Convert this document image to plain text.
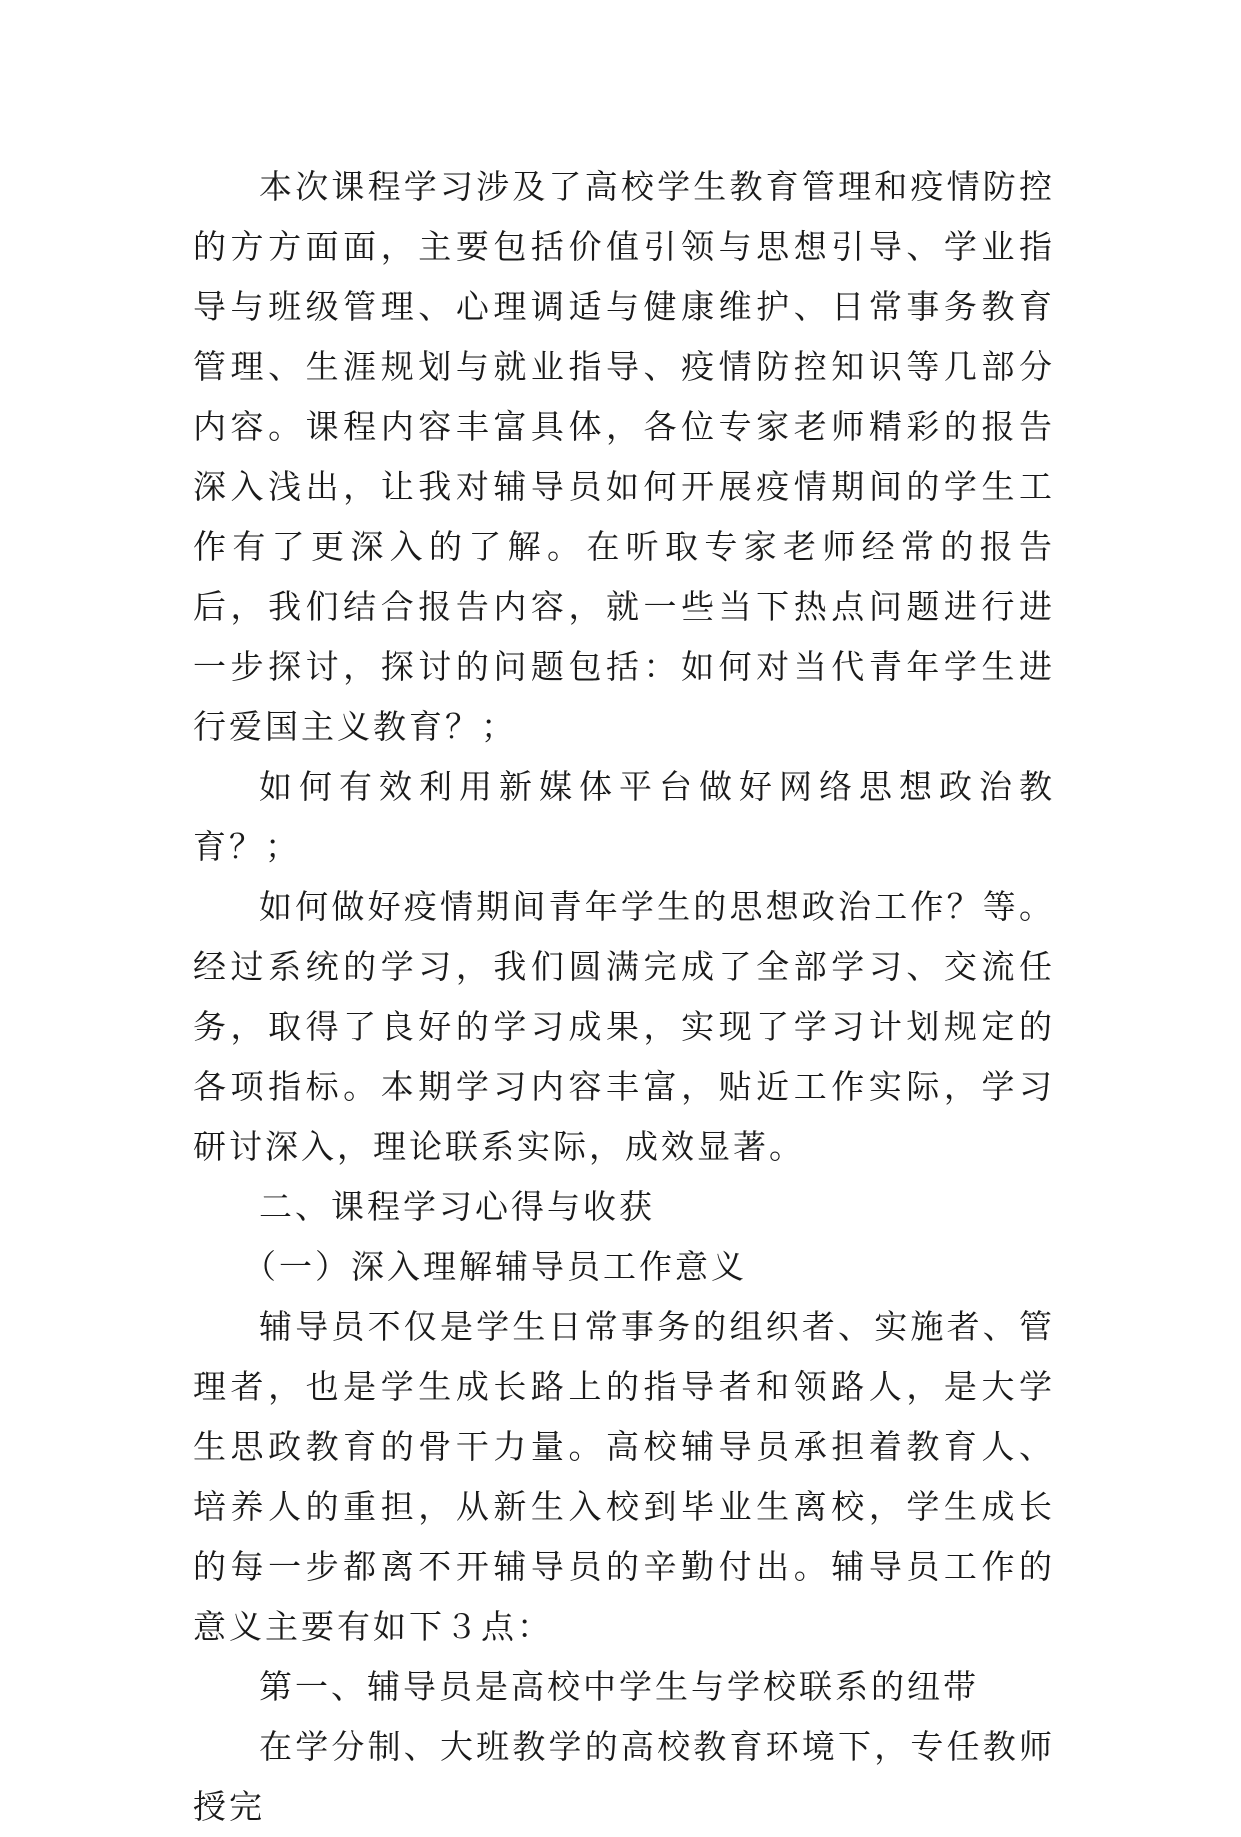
本次课程学习涉及了高校学生教育管理和疫情防控的方方面面，主要包括价值引领与思想引导、学业指导与班级管理、心理调适与健康维护、日常事务教育管理、生涯规划与就业指导、疫情防控知识等几部分内容。课程内容丰富具体，各位专家老师精彩的报告深入浅出，让我对辅导员如何开展疫情期间的学生工作有了更深入的了解。在听取专家老师经常的报告后，我们结合报告内容，就一些当下热点问题进行进一步探讨，探讨的问题包括：如何对当代青年学生进行爱国主义教育？；

如何有效利用新媒体平台做好网络思想政治教育？；

如何做好疫情期间青年学生的思想政治工作？等。经过系统的学习，我们圆满完成了全部学习、交流任务，取得了良好的学习成果，实现了学习计划规定的各项指标。本期学习内容丰富，贴近工作实际，学习研讨深入，理论联系实际，成效显著。

二、课程学习心得与收获

（一）深入理解辅导员工作意义

辅导员不仅是学生日常事务的组织者、实施者、管理者，也是学生成长路上的指导者和领路人，是大学生思政教育的骨干力量。高校辅导员承担着教育人、培养人的重担，从新生入校到毕业生离校，学生成长的每一步都离不开辅导员的辛勤付出。辅导员工作的意义主要有如下３点：

第一、辅导员是高校中学生与学校联系的纽带

在学分制、大班教学的高校教育环境下，专任教师授完
